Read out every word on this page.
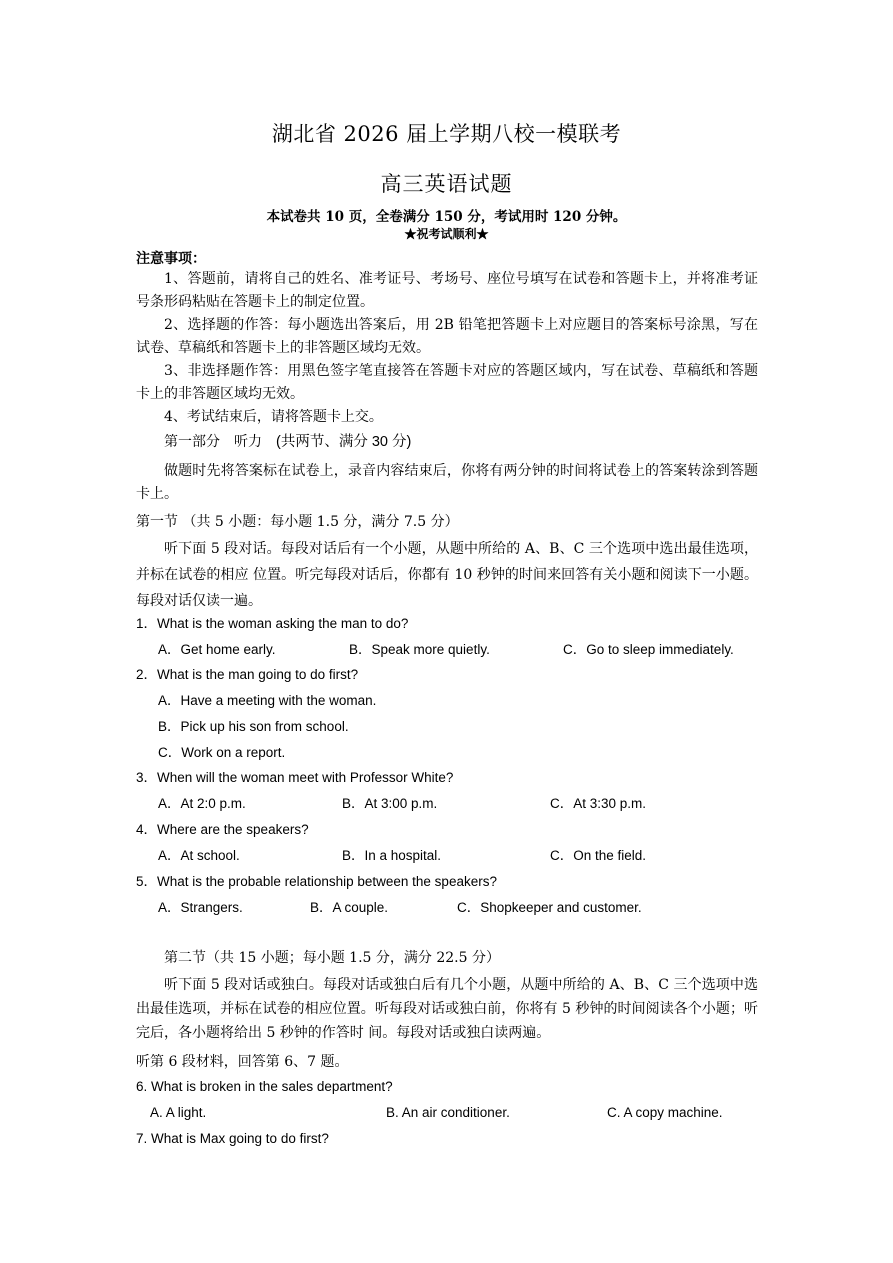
湖北省 2026 届上学期八校一模联考
高三英语试题
本试卷共 10 页，全卷满分 150 分，考试用时 120 分钟。
★祝考试顺利★
注意事项：
1、答题前，请将自己的姓名、准考证号、考场号、座位号填写在试卷和答题卡上，并将准考证号条形码粘贴在答题卡上的制定位置。
2、选择题的作答：每小题选出答案后，用 2B 铅笔把答题卡上对应题目的答案标号涂黑，写在试卷、草稿纸和答题卡上的非答题区域均无效。
3、非选择题作答：用黑色签字笔直接答在答题卡对应的答题区域内，写在试卷、草稿纸和答题卡上的非答题区域均无效。
4、考试结束后，请将答题卡上交。
第一部分　听力 (共两节、满分 30 分)
做题时先将答案标在试卷上，录音内容结束后，你将有两分钟的时间将试卷上的答案转涂到答题卡上。
第一节 （共 5 小题：每小题 1.5 分，满分 7.5 分）
听下面 5 段对话。每段对话后有一个小题，从题中所给的 A、B、C 三个选项中选出最佳选项，并标在试卷的相应 位置。听完每段对话后，你都有 10 秒钟的时间来回答有关小题和阅读下一小题。每段对话仅读一遍。
1．What is the woman asking the man to do?
A．Get home early.	B．Speak more quietly.	C．Go to sleep immediately.
2．What is the man going to do first?
A．Have a meeting with the woman.
B．Pick up his son from school.
C．Work on a report.
3．When will the woman meet with Professor White?
A．At 2:0 p.m.	B．At 3:00 p.m.	C．At 3:30 p.m.
4．Where are the speakers?
A．At school.	B．In a hospital.	C．On the field.
5．What is the probable relationship between the speakers?
A．Strangers.	B．A couple.	C．Shopkeeper and customer.
第二节（共 15 小题；每小题 1.5 分，满分 22.5 分）
听下面 5 段对话或独白。每段对话或独白后有几个小题，从题中所给的 A、B、C 三个选项中选出最佳选项，并标在试卷的相应位置。听每段对话或独白前，你将有 5 秒钟的时间阅读各个小题；听完后，各小题将给出 5 秒钟的作答时 间。每段对话或独白读两遍。
听第 6 段材料，回答第 6、7 题。
6. What is broken in the sales department?
A. A light.	B. An air conditioner.	C. A copy machine.
7. What is Max going to do first?
